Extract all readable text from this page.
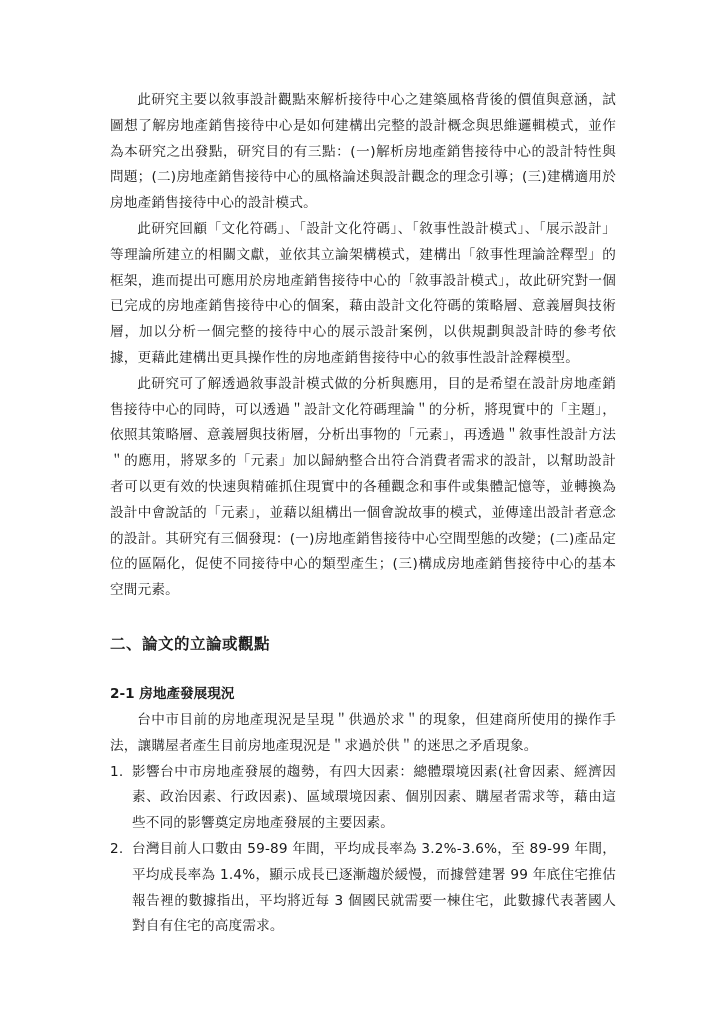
此研究主要以敘事設計觀點來解析接待中心之建築風格背後的價值與意涵，試圖想了解房地產銷售接待中心是如何建構出完整的設計概念與思維邏輯模式，並作為本研究之出發點，研究目的有三點：(一)解析房地產銷售接待中心的設計特性與問題；(二)房地產銷售接待中心的風格論述與設計觀念的理念引導；(三)建構適用於房地產銷售接待中心的設計模式。

此研究回顧「文化符碼」、「設計文化符碼」、「敘事性設計模式」、「展示設計」等理論所建立的相關文獻，並依其立論架構模式，建構出「敘事性理論詮釋型」的框架，進而提出可應用於房地產銷售接待中心的「敘事設計模式」，故此研究對一個已完成的房地產銷售接待中心的個案，藉由設計文化符碼的策略層、意義層與技術層，加以分析一個完整的接待中心的展示設計案例，以供規劃與設計時的參考依據，更藉此建構出更具操作性的房地產銷售接待中心的敘事性設計詮釋模型。

此研究可了解透過敘事設計模式做的分析與應用，目的是希望在設計房地產銷售接待中心的同時，可以透過＂設計文化符碼理論＂的分析，將現實中的「主題」，依照其策略層、意義層與技術層，分析出事物的「元素」，再透過＂敘事性設計方法＂的應用，將眾多的「元素」加以歸納整合出符合消費者需求的設計，以幫助設計者可以更有效的快速與精確抓住現實中的各種觀念和事件或集體記憶等，並轉換為設計中會說話的「元素」，並藉以組構出一個會說故事的模式，並傳達出設計者意念的設計。其研究有三個發現：(一)房地產銷售接待中心空間型態的改變；(二)產品定位的區隔化，促使不同接待中心的類型產生；(三)構成房地產銷售接待中心的基本空間元素。

二、論文的立論或觀點
2-1 房地產發展現況

台中市目前的房地產現況是呈現＂供過於求＂的現象，但建商所使用的操作手法，讓購屋者產生目前房地產現況是＂求過於供＂的迷思之矛盾現象。

1. 影響台中市房地產發展的趨勢，有四大因素：總體環境因素(社會因素、經濟因素、政治因素、行政因素)、區域環境因素、個別因素、購屋者需求等，藉由這些不同的影響奠定房地產發展的主要因素。
2. 台灣目前人口數由 59-89 年間，平均成長率為 3.2%-3.6%，至 89-99 年間，平均成長率為 1.4%，顯示成長已逐漸趨於緩慢，而據營建署 99 年底住宅推估報告裡的數據指出，平均將近每 3 個國民就需要一棟住宅，此數據代表著國人對自有住宅的高度需求。
